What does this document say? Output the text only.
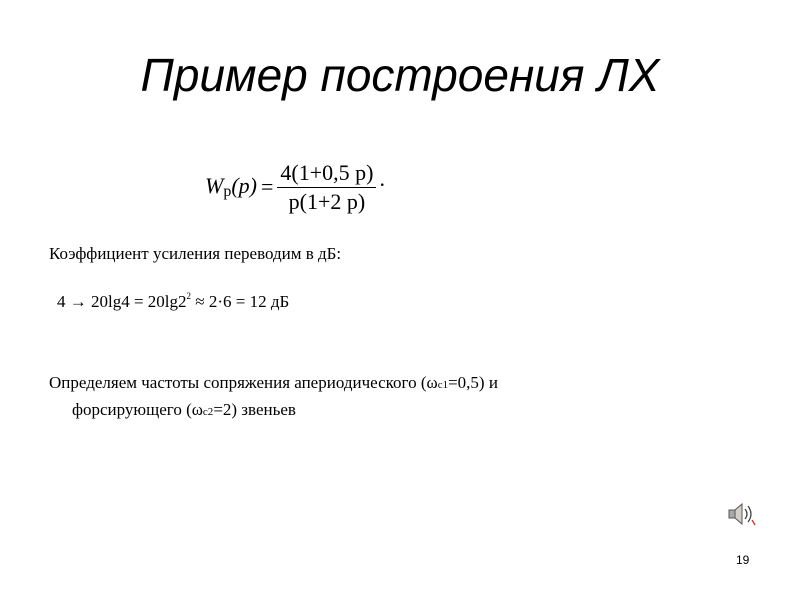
Пример построения ЛХ
$Wр(p) = \frac{4(1+0,5 p)}{p(1+2 p)}$ .
Коэффициент усиления переводим в дБ:
$4 \to 20\lg 4 = 20\lg 2^2 \approx 2\cdot 6 = 12$ дБ
Определяем частоты сопряжения апериодического (ωc1=0,5) и
форсирующего (ωc2=2) звеньев
19
